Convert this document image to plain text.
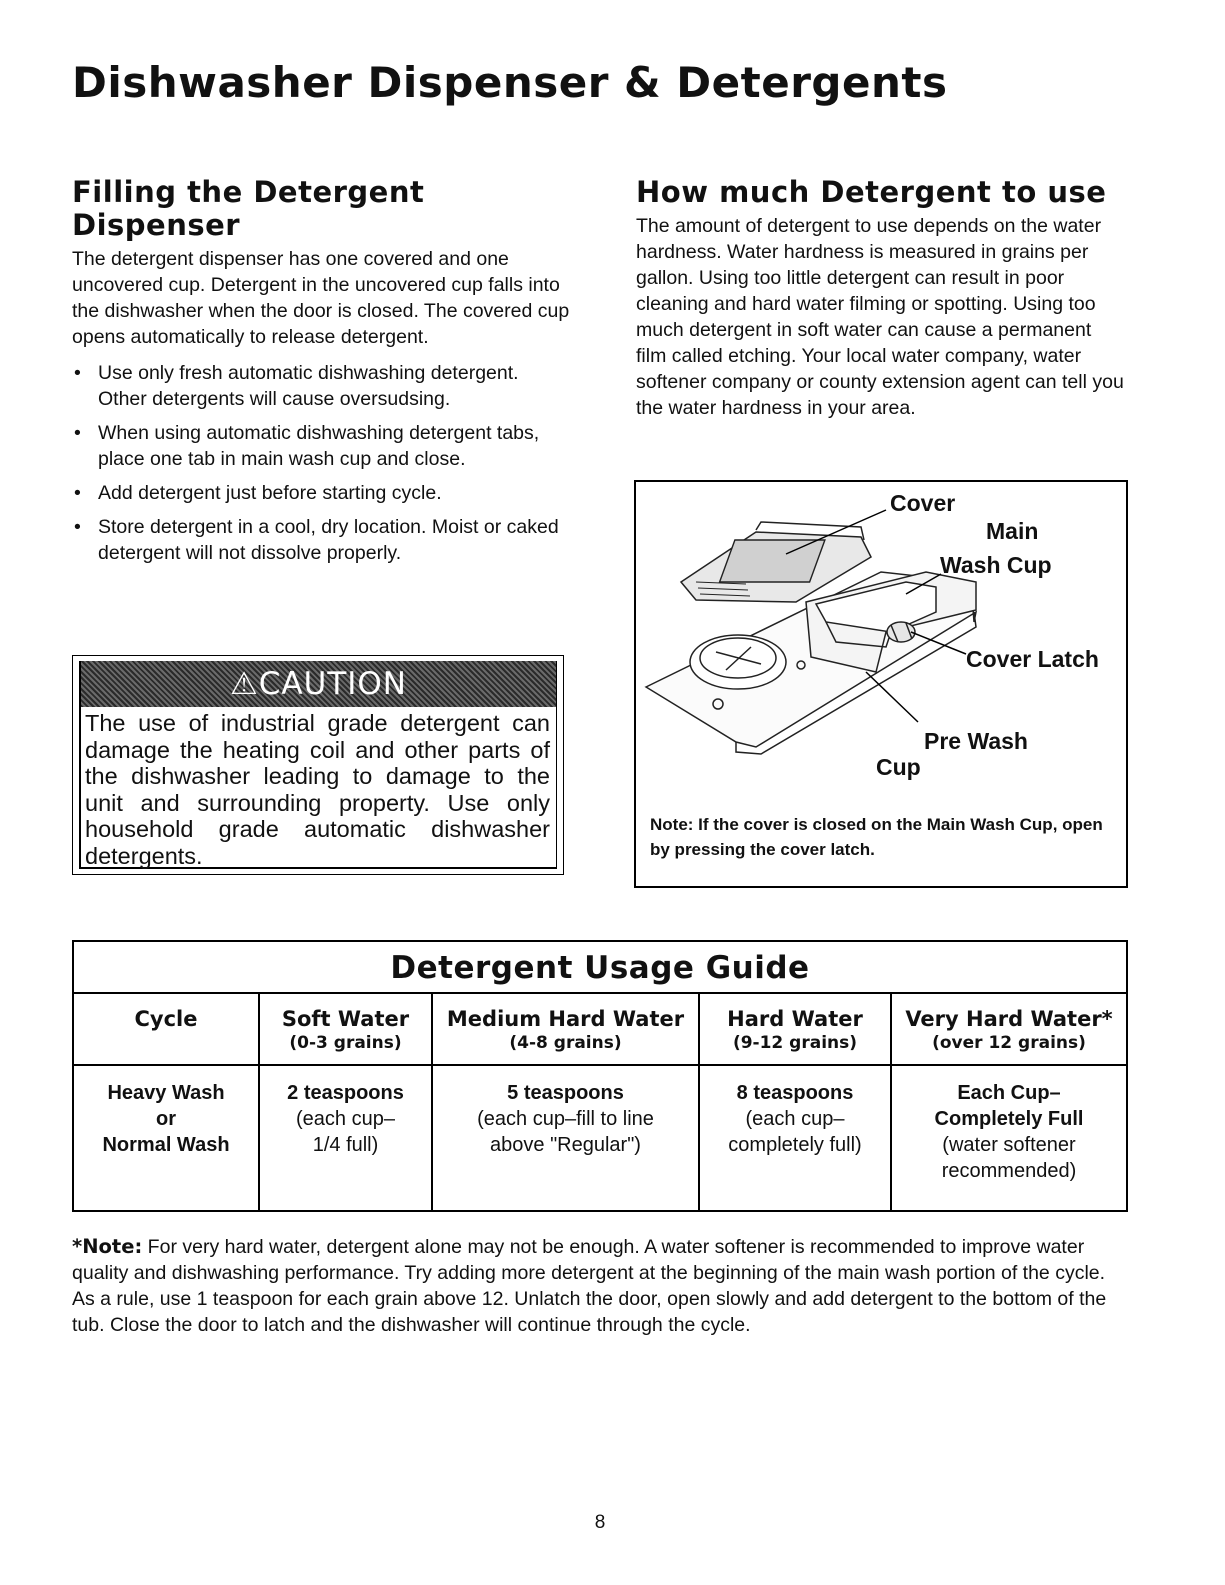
Dishwasher Dispenser & Detergents
Filling the Detergent
Dispenser

The detergent dispenser has one covered and one uncovered cup. Detergent in the uncovered cup falls into the dishwasher when the door is closed. The covered cup opens automatically to release detergent.

• Use only fresh automatic dishwashing detergent. Other detergents will cause oversudsing.
• When using automatic dishwashing detergent tabs, place one tab in main wash cup and close.
• Add detergent just before starting cycle.
• Store detergent in a cool, dry location. Moist or caked detergent will not dissolve properly.
⚠CAUTION

The use of industrial grade detergent can damage the heating coil and other parts of the dishwasher leading to damage to the unit and surrounding property. Use only household grade automatic dishwasher detergents.

How much Detergent to use

The amount of detergent to use depends on the water hardness. Water hardness is measured in grains per gallon. Using too little detergent can result in poor cleaning and hard water filming or spotting. Using too much detergent in soft water can cause a permanent film called etching. Your local water company, water softener company or county extension agent can tell you the water hardness in your area.

Cover
Main
Wash Cup
Cover Latch
Pre Wash
Cup

Note: If the cover is closed on the Main Wash Cup, open by pressing the cover latch.

Detergent Usage Guide
Cycle	Soft Water
(0-3 grains)
Medium Hard Water
(4-8 grains)
Hard Water
(9-12 grains)
Very Hard Water*
(over 12 grains)
Heavy Wash
or
Normal Wash
2 teaspoons
(each cup–
1/4 full)
5 teaspoons
(each cup–fill to line
above "Regular")
8 teaspoons
(each cup–
completely full)
Each Cup–
Completely Full
(water softener
recommended)

*Note: For very hard water, detergent alone may not be enough. A water softener is recommended to improve water quality and dishwashing performance. Try adding more detergent at the beginning of the main wash portion of the cycle. As a rule, use 1 teaspoon for each grain above 12. Unlatch the door, open slowly and add detergent to the bottom of the tub. Close the door to latch and the dishwasher will continue through the cycle.

8
